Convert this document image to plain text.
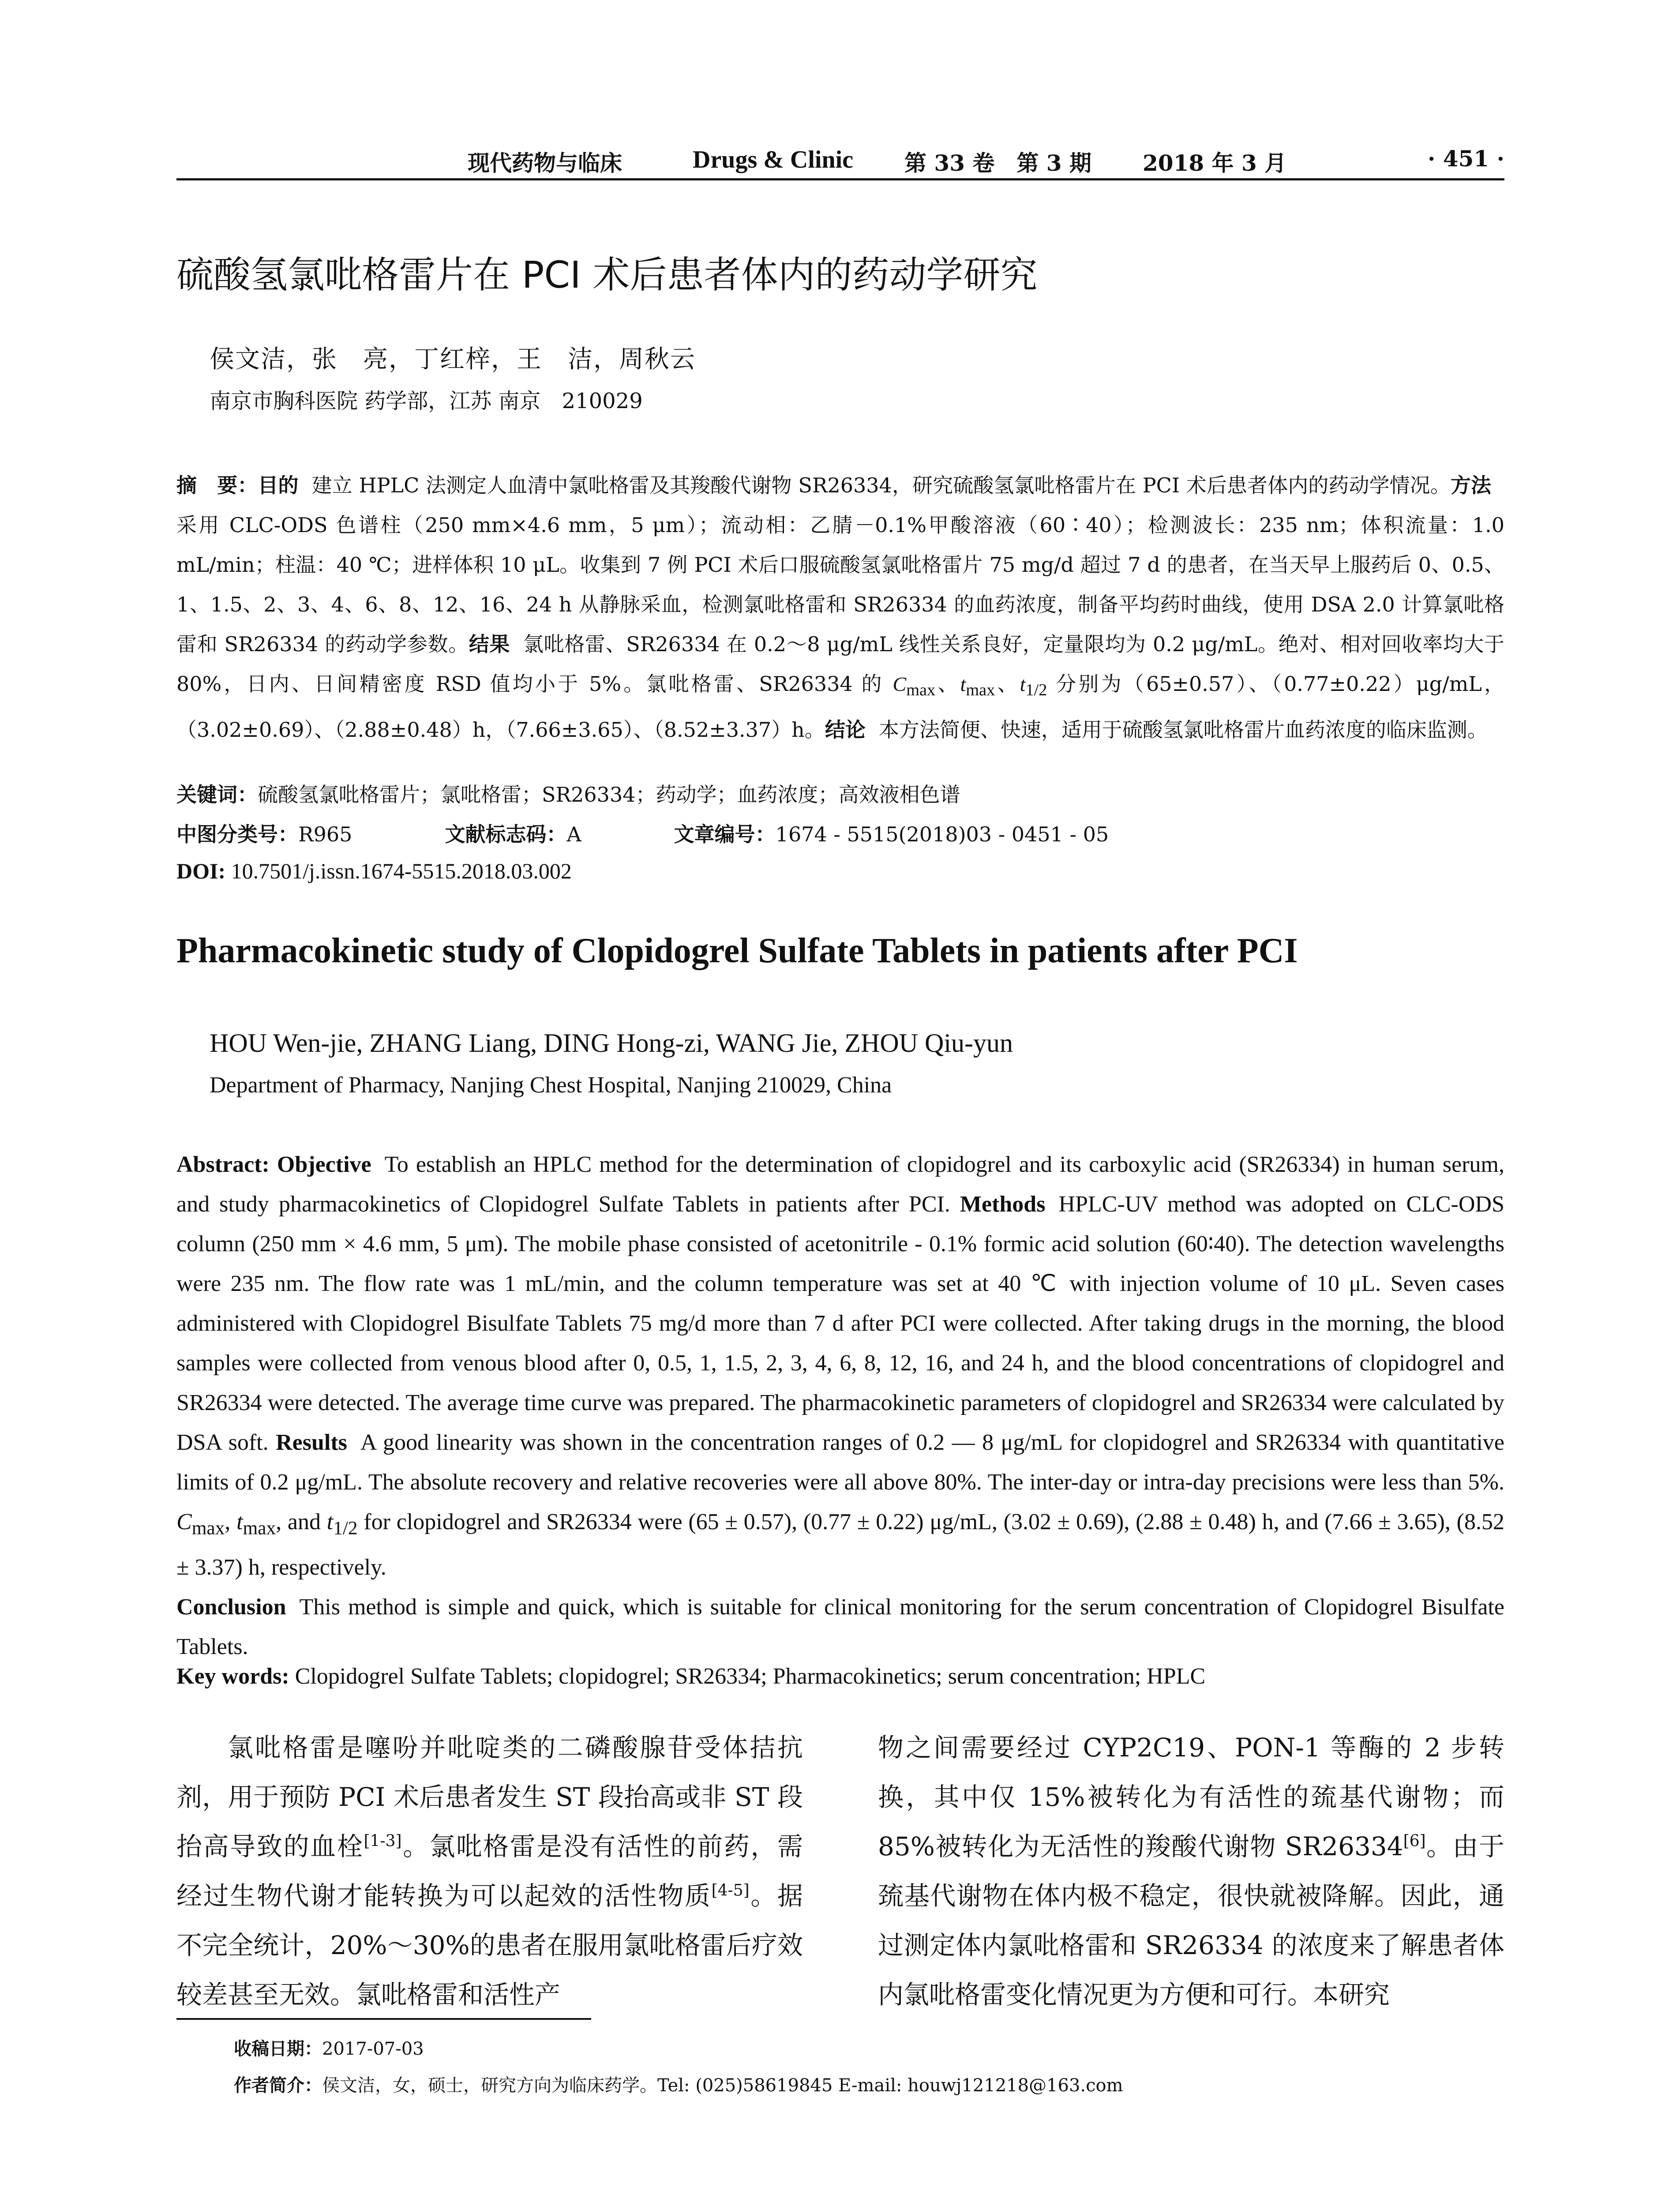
现代药物与临床	Drugs & Clinic 第 33 卷　第 3 期 2018 年 3 月	· 451 ·
硫酸氢氯吡格雷片在 PCI 术后患者体内的药动学研究
侯文洁，张　亮，丁红梓，王　洁，周秋云
南京市胸科医院 药学部，江苏 南京　210029
摘　要：目的 建立 HPLC 法测定人血清中氯吡格雷及其羧酸代谢物 SR26334，研究硫酸氢氯吡格雷片在 PCI 术后患者体内的药动学情况。方法采用 CLC-ODS 色谱柱（250 mm×4.6 mm，5 μm）；流动相：乙腈－0.1%甲酸溶液（60∶40）；检测波长：235 nm；体积流量：1.0 mL/min；柱温：40 ℃；进样体积 10 μL。收集到 7 例 PCI 术后口服硫酸氢氯吡格雷片 75 mg/d 超过 7 d 的患者，在当天早上服药后 0、0.5、1、1.5、2、3、4、6、8、12、16、24 h 从静脉采血，检测氯吡格雷和 SR26334 的血药浓度，制备平均药时曲线，使用 DSA 2.0 计算氯吡格雷和 SR26334 的药动学参数。结果 氯吡格雷、SR26334 在 0.2～8 μg/mL 线性关系良好，定量限均为 0.2 μg/mL。绝对、相对回收率均大于 80%，日内、日间精密度 RSD 值均小于 5%。氯吡格雷、SR26334 的 $C_{max}$、$t_{max}$、$t_{1/2}$ 分别为（65±0.57）、（0.77±0.22）μg/mL，（3.02±0.69）、（2.88±0.48）h，（7.66±3.65）、（8.52±3.37）h。结论 本方法简便、快速，适用于硫酸氢氯吡格雷片血药浓度的临床监测。
关键词：硫酸氢氯吡格雷片；氯吡格雷；SR26334；药动学；血药浓度；高效液相色谱
中图分类号：R965	文献标志码：A	文章编号：1674 - 5515(2018)03 - 0451 - 05
DOI: 10.7501/j.issn.1674-5515.2018.03.002
Pharmacokinetic study of Clopidogrel Sulfate Tablets in patients after PCI
HOU Wen-jie, ZHANG Liang, DING Hong-zi, WANG Jie, ZHOU Qiu-yun
Department of Pharmacy, Nanjing Chest Hospital, Nanjing 210029, China
Abstract: Objective To establish an HPLC method for the determination of clopidogrel and its carboxylic acid (SR26334) in human serum, and study pharmacokinetics of Clopidogrel Sulfate Tablets in patients after PCI. Methods HPLC-UV method was adopted on CLC-ODS column (250 mm × 4.6 mm, 5 μm). The mobile phase consisted of acetonitrile - 0.1% formic acid solution (60∶40). The detection wavelengths were 235 nm. The flow rate was 1 mL/min, and the column temperature was set at 40 ℃ with injection volume of 10 μL. Seven cases administered with Clopidogrel Bisulfate Tablets 75 mg/d more than 7 d after PCI were collected. After taking drugs in the morning, the blood samples were collected from venous blood after 0, 0.5, 1, 1.5, 2, 3, 4, 6, 8, 12, 16, and 24 h, and the blood concentrations of clopidogrel and SR26334 were detected. The average time curve was prepared. The pharmacokinetic parameters of clopidogrel and SR26334 were calculated by DSA soft. Results A good linearity was shown in the concentration ranges of 0.2 — 8 μg/mL for clopidogrel and SR26334 with quantitative limits of 0.2 μg/mL. The absolute recovery and relative recoveries were all above 80%. The inter-day or intra-day precisions were less than 5%. $C_{max}$, $t_{max}$, and $t_{1/2}$ for clopidogrel and SR26334 were (65 ± 0.57), (0.77 ± 0.22) μg/mL, (3.02 ± 0.69), (2.88 ± 0.48) h, and (7.66 ± 3.65), (8.52 ± 3.37) h, respectively.
Conclusion This method is simple and quick, which is suitable for clinical monitoring for the serum concentration of Clopidogrel Bisulfate Tablets.
Key words: Clopidogrel Sulfate Tablets; clopidogrel; SR26334; Pharmacokinetics; serum concentration; HPLC

氯吡格雷是噻吩并吡啶类的二磷酸腺苷受体拮抗剂，用于预防 PCI 术后患者发生 ST 段抬高或非 ST 段抬高导致的血栓[1-3]。氯吡格雷是没有活性的前药，需经过生物代谢才能转换为可以起效的活性物质[4-5]。据不完全统计，20%～30%的患者在服用氯吡格雷后疗效较差甚至无效。氯吡格雷和活性产

物之间需要经过 CYP2C19、PON-1 等酶的 2 步转换，其中仅 15%被转化为有活性的巯基代谢物；而 85%被转化为无活性的羧酸代谢物 SR26334[6]。由于巯基代谢物在体内极不稳定，很快就被降解。因此，通过测定体内氯吡格雷和 SR26334 的浓度来了解患者体内氯吡格雷变化情况更为方便和可行。本研究

收稿日期：2017-07-03
作者简介：侯文洁，女，硕士，研究方向为临床药学。Tel: (025)58619845 E-mail: houwj121218@163.com
